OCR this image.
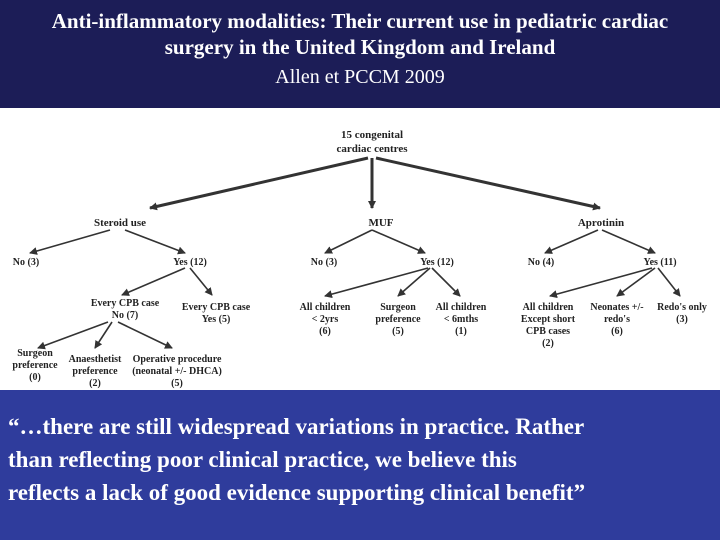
Anti-inflammatory modalities: Their current use in pediatric cardiac
surgery in the United Kingdom and Ireland
Allen et PCCM 2009
15 congenital
cardiac centres
Steroid use
No (3)	Yes (12)
Every CPB case
No (7)
Every CPB case
Yes (5)
Surgeon
preference
(0)
Anaesthetist
preference
(2)
Operative procedure
(neonatal +/- DHCA)
(5)
MUF
No (3)	Yes (12)
All children
< 2yrs
(6)
Surgeon
preference
(5)
All children
< 6mths
(1)
Aprotinin
No (4)	Yes (11)
All children
Except short
CPB cases
(2)
Neonates +/-
redo's
(6)
Redo's only
(3)
“…there are still widespread variations in practice. Rather
than reflecting poor clinical practice, we believe this
reflects a lack of good evidence supporting clinical benefit”
